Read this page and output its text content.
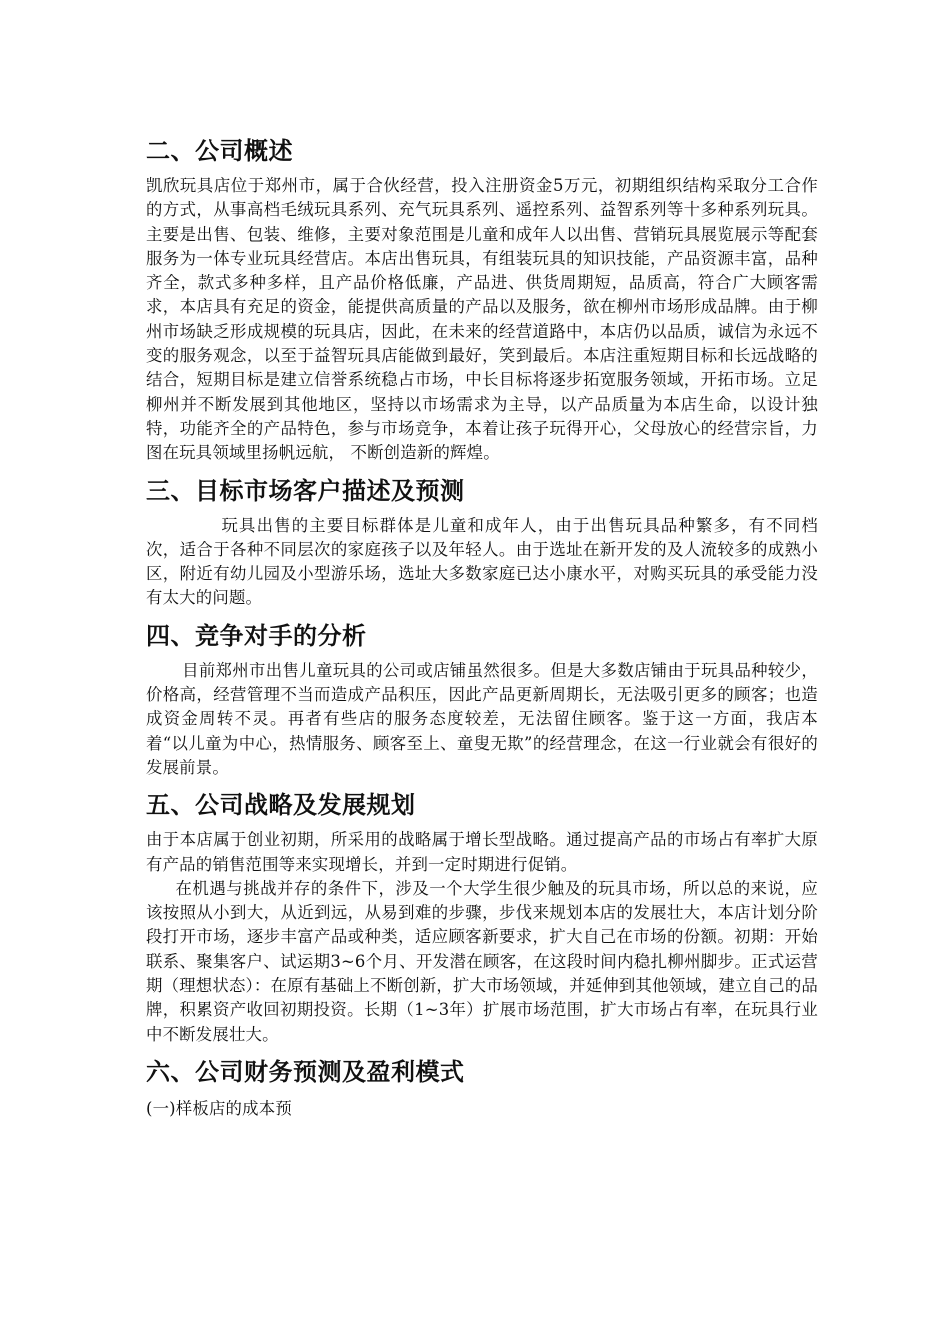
二、公司概述

凯欣玩具店位于郑州市，属于合伙经营，投入注册资金5万元，初期组织结构采取分工合作的方式，从事高档毛绒玩具系列、充气玩具系列、遥控系列、益智系列等十多种系列玩具。主要是出售、包装、维修，主要对象范围是儿童和成年人以出售、营销玩具展览展示等配套服务为一体专业玩具经营店。本店出售玩具，有组装玩具的知识技能，产品资源丰富，品种齐全，款式多种多样，且产品价格低廉，产品进、供货周期短，品质高，符合广大顾客需求，本店具有充足的资金，能提供高质量的产品以及服务，欲在柳州市场形成品牌。由于柳州市场缺乏形成规模的玩具店，因此，在未来的经营道路中，本店仍以品质，诚信为永远不变的服务观念，以至于益智玩具店能做到最好，笑到最后。本店注重短期目标和长远战略的结合，短期目标是建立信誉系统稳占市场，中长目标将逐步拓宽服务领域，开拓市场。立足柳州并不断发展到其他地区，坚持以市场需求为主导，以产品质量为本店生命，以设计独特，功能齐全的产品特色，参与市场竞争，本着让孩子玩得开心，父母放心的经营宗旨，力图在玩具领域里扬帆远航， 不断创造新的辉煌。

三、目标市场客户描述及预测

玩具出售的主要目标群体是儿童和成年人，由于出售玩具品种繁多，有不同档次，适合于各种不同层次的家庭孩子以及年轻人。由于选址在新开发的及人流较多的成熟小区，附近有幼儿园及小型游乐场，选址大多数家庭已达小康水平，对购买玩具的承受能力没有太大的问题。

四、竞争对手的分析

目前郑州市出售儿童玩具的公司或店铺虽然很多。但是大多数店铺由于玩具品种较少，价格高，经营管理不当而造成产品积压，因此产品更新周期长，无法吸引更多的顾客；也造成资金周转不灵。再者有些店的服务态度较差，无法留住顾客。鉴于这一方面，我店本着“以儿童为中心，热情服务、顾客至上、童叟无欺”的经营理念，在这一行业就会有很好的发展前景。

五、公司战略及发展规划

由于本店属于创业初期，所采用的战略属于增长型战略。通过提高产品的市场占有率扩大原有产品的销售范围等来实现增长，并到一定时期进行促销。

在机遇与挑战并存的条件下，涉及一个大学生很少触及的玩具市场，所以总的来说，应该按照从小到大，从近到远，从易到难的步骤，步伐来规划本店的发展壮大，本店计划分阶段打开市场，逐步丰富产品或种类，适应顾客新要求，扩大自己在市场的份额。初期：开始联系、聚集客户、试运期3~6个月、开发潜在顾客，在这段时间内稳扎柳州脚步。正式运营期（理想状态）：在原有基础上不断创新，扩大市场领域，并延伸到其他领域，建立自己的品牌，积累资产收回初期投资。长期（1~3年）扩展市场范围，扩大市场占有率，在玩具行业中不断发展壮大。

六、公司财务预测及盈利模式

(一)样板店的成本预
